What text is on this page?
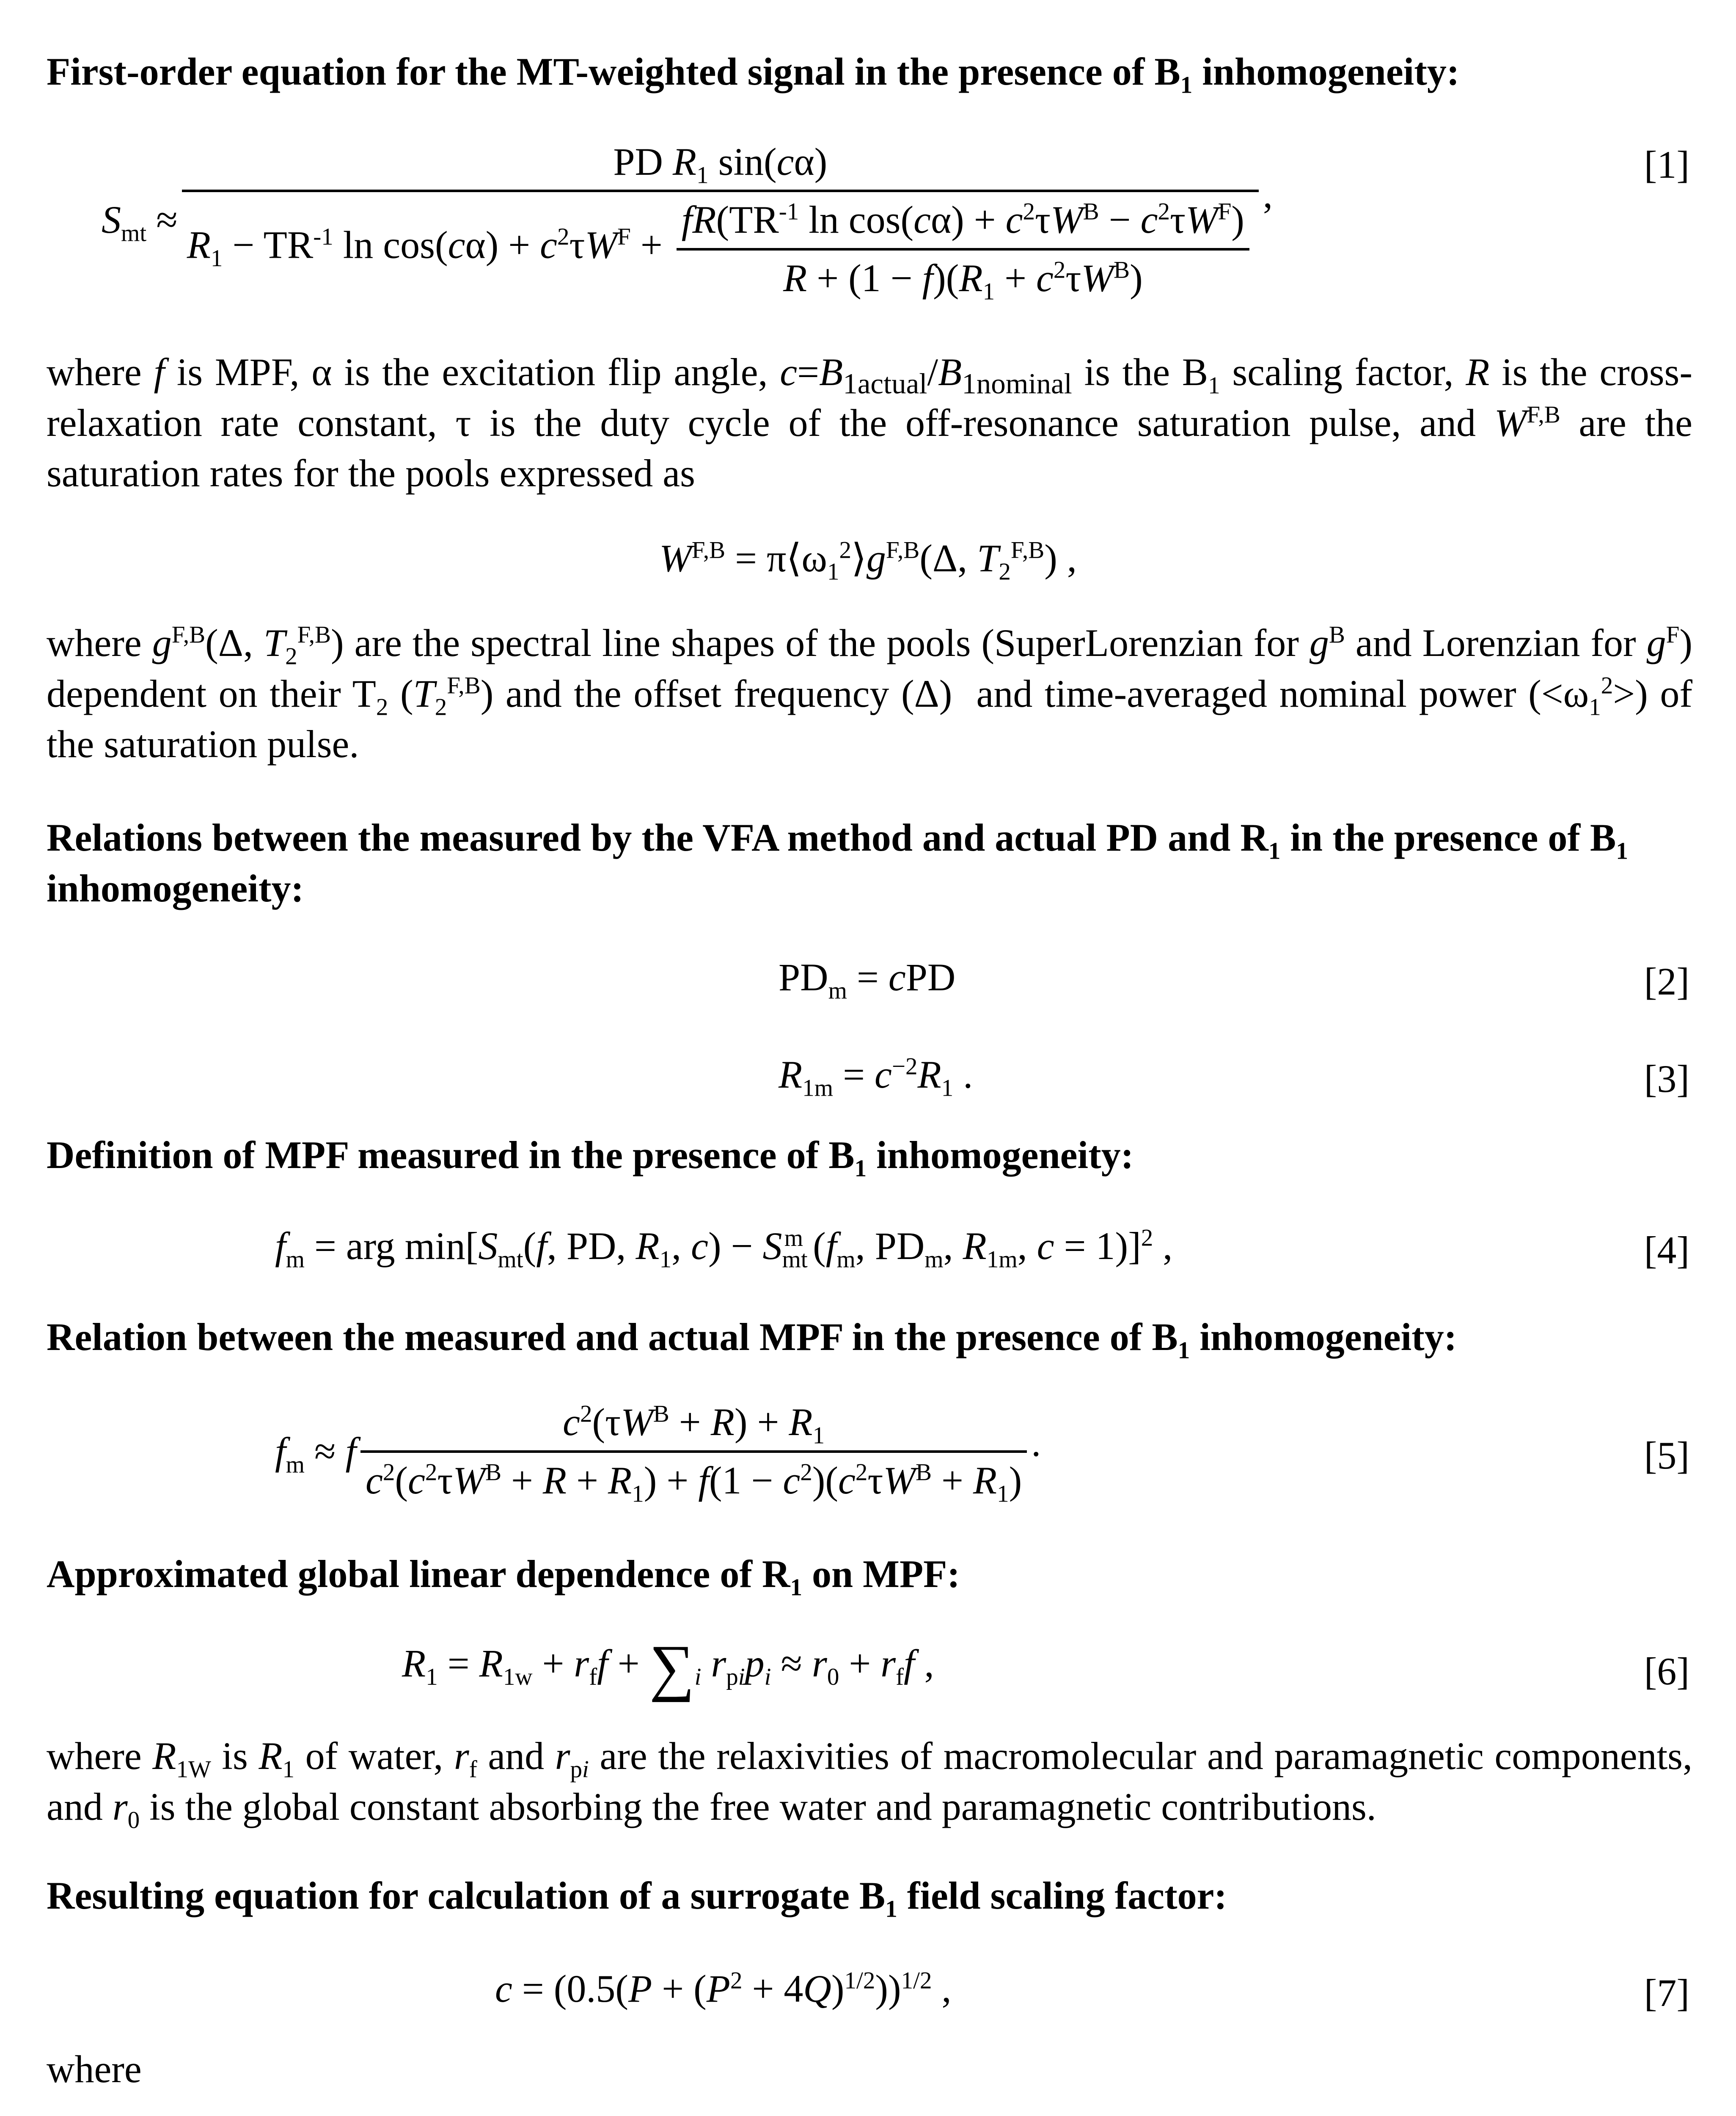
First-order equation for the MT-weighted signal in the presence of $B_1$ inhomogeneity:
$S_{mt}$ ≈
PD $R_1$ sin(cα)
$R_1 - TR^{-1}$ $\ln \cos(c\alpha) + c^2\tau W^F$ +
$fR(TR^{-1}$ $\ln \cos(c\alpha) + c^2\tau W^B - c^2\tau W^F$)
$R + (1 - f)(R_1 + c^2\tau W^B)$
,
[1]
where f is MPF, α is the excitation flip angle, $c=B_{1actual}/B_{1nominal}$ is the $B_1$ scaling factor, R is the cross-relaxation rate constant, τ is the duty cycle of the off-resonance saturation pulse, and $W^{F,B}$ are the saturation rates for the pools expressed as
$W^{F,B}$ = $\pi⟨\omega_1^2⟩g^{F,B}(\Delta$, $T_2^{F,B}$) ,
where $g^{F,B}(\Delta$, $T_2^{F,B}$) are the spectral line shapes of the pools (SuperLorenzian for $g^B$ and Lorenzian for $g^F$) dependent on their $T_2$ $(T_2^{F,B})$ and the offset frequency (Δ)  and time-averaged nominal power $(<\omega_1^2>)$ of the saturation pulse.
Relations between the measured by the VFA method and actual PD and $R_1$ in the presence of $B_1$ inhomogeneity:
$PD_m$ = cPD	[2]
$R_{1m} = c^{-2}R_1$ .	[3]
Definition of MPF measured in the presence of $B_1$ inhomogeneity:
$f_m$ = arg $\min[S_{mt}(f$, PD, $R_1$, $c) - S_{mt}^m$ ($f_m$, $PD_m$, $R_{1m}$, c = 1)]$^2$ ,	[4]
Relation between the measured and actual MPF in the presence of $B_1$ inhomogeneity:
$f_m \approx f$
$c^2(\tau W^B + R) + R_1$
$c^2(c^2\tau W^B + R + R_1) + f(1 - c^2)(c^2\tau W^B + R_1)$
.	[5]
Approximated global linear dependence of $R_1$ on MPF:
$R_1 = R_{1w} + r_ff + \sum_i$ $r_{pi}p_i \approx r_0 + r_ff$ ,	[6]
where $R_{1W}$ is $R_1$ of water, $r_f$ and $r_{pi}$ are the relaxivities of macromolecular and paramagnetic components, and $r_0$ is the global constant absorbing the free water and paramagnetic contributions.
Resulting equation for calculation of a surrogate $B_1$ field scaling factor:
$c = (0.5(P + (P^2 + 4Q)^{1/2}))^{1/2}$ ,	[7]
where
